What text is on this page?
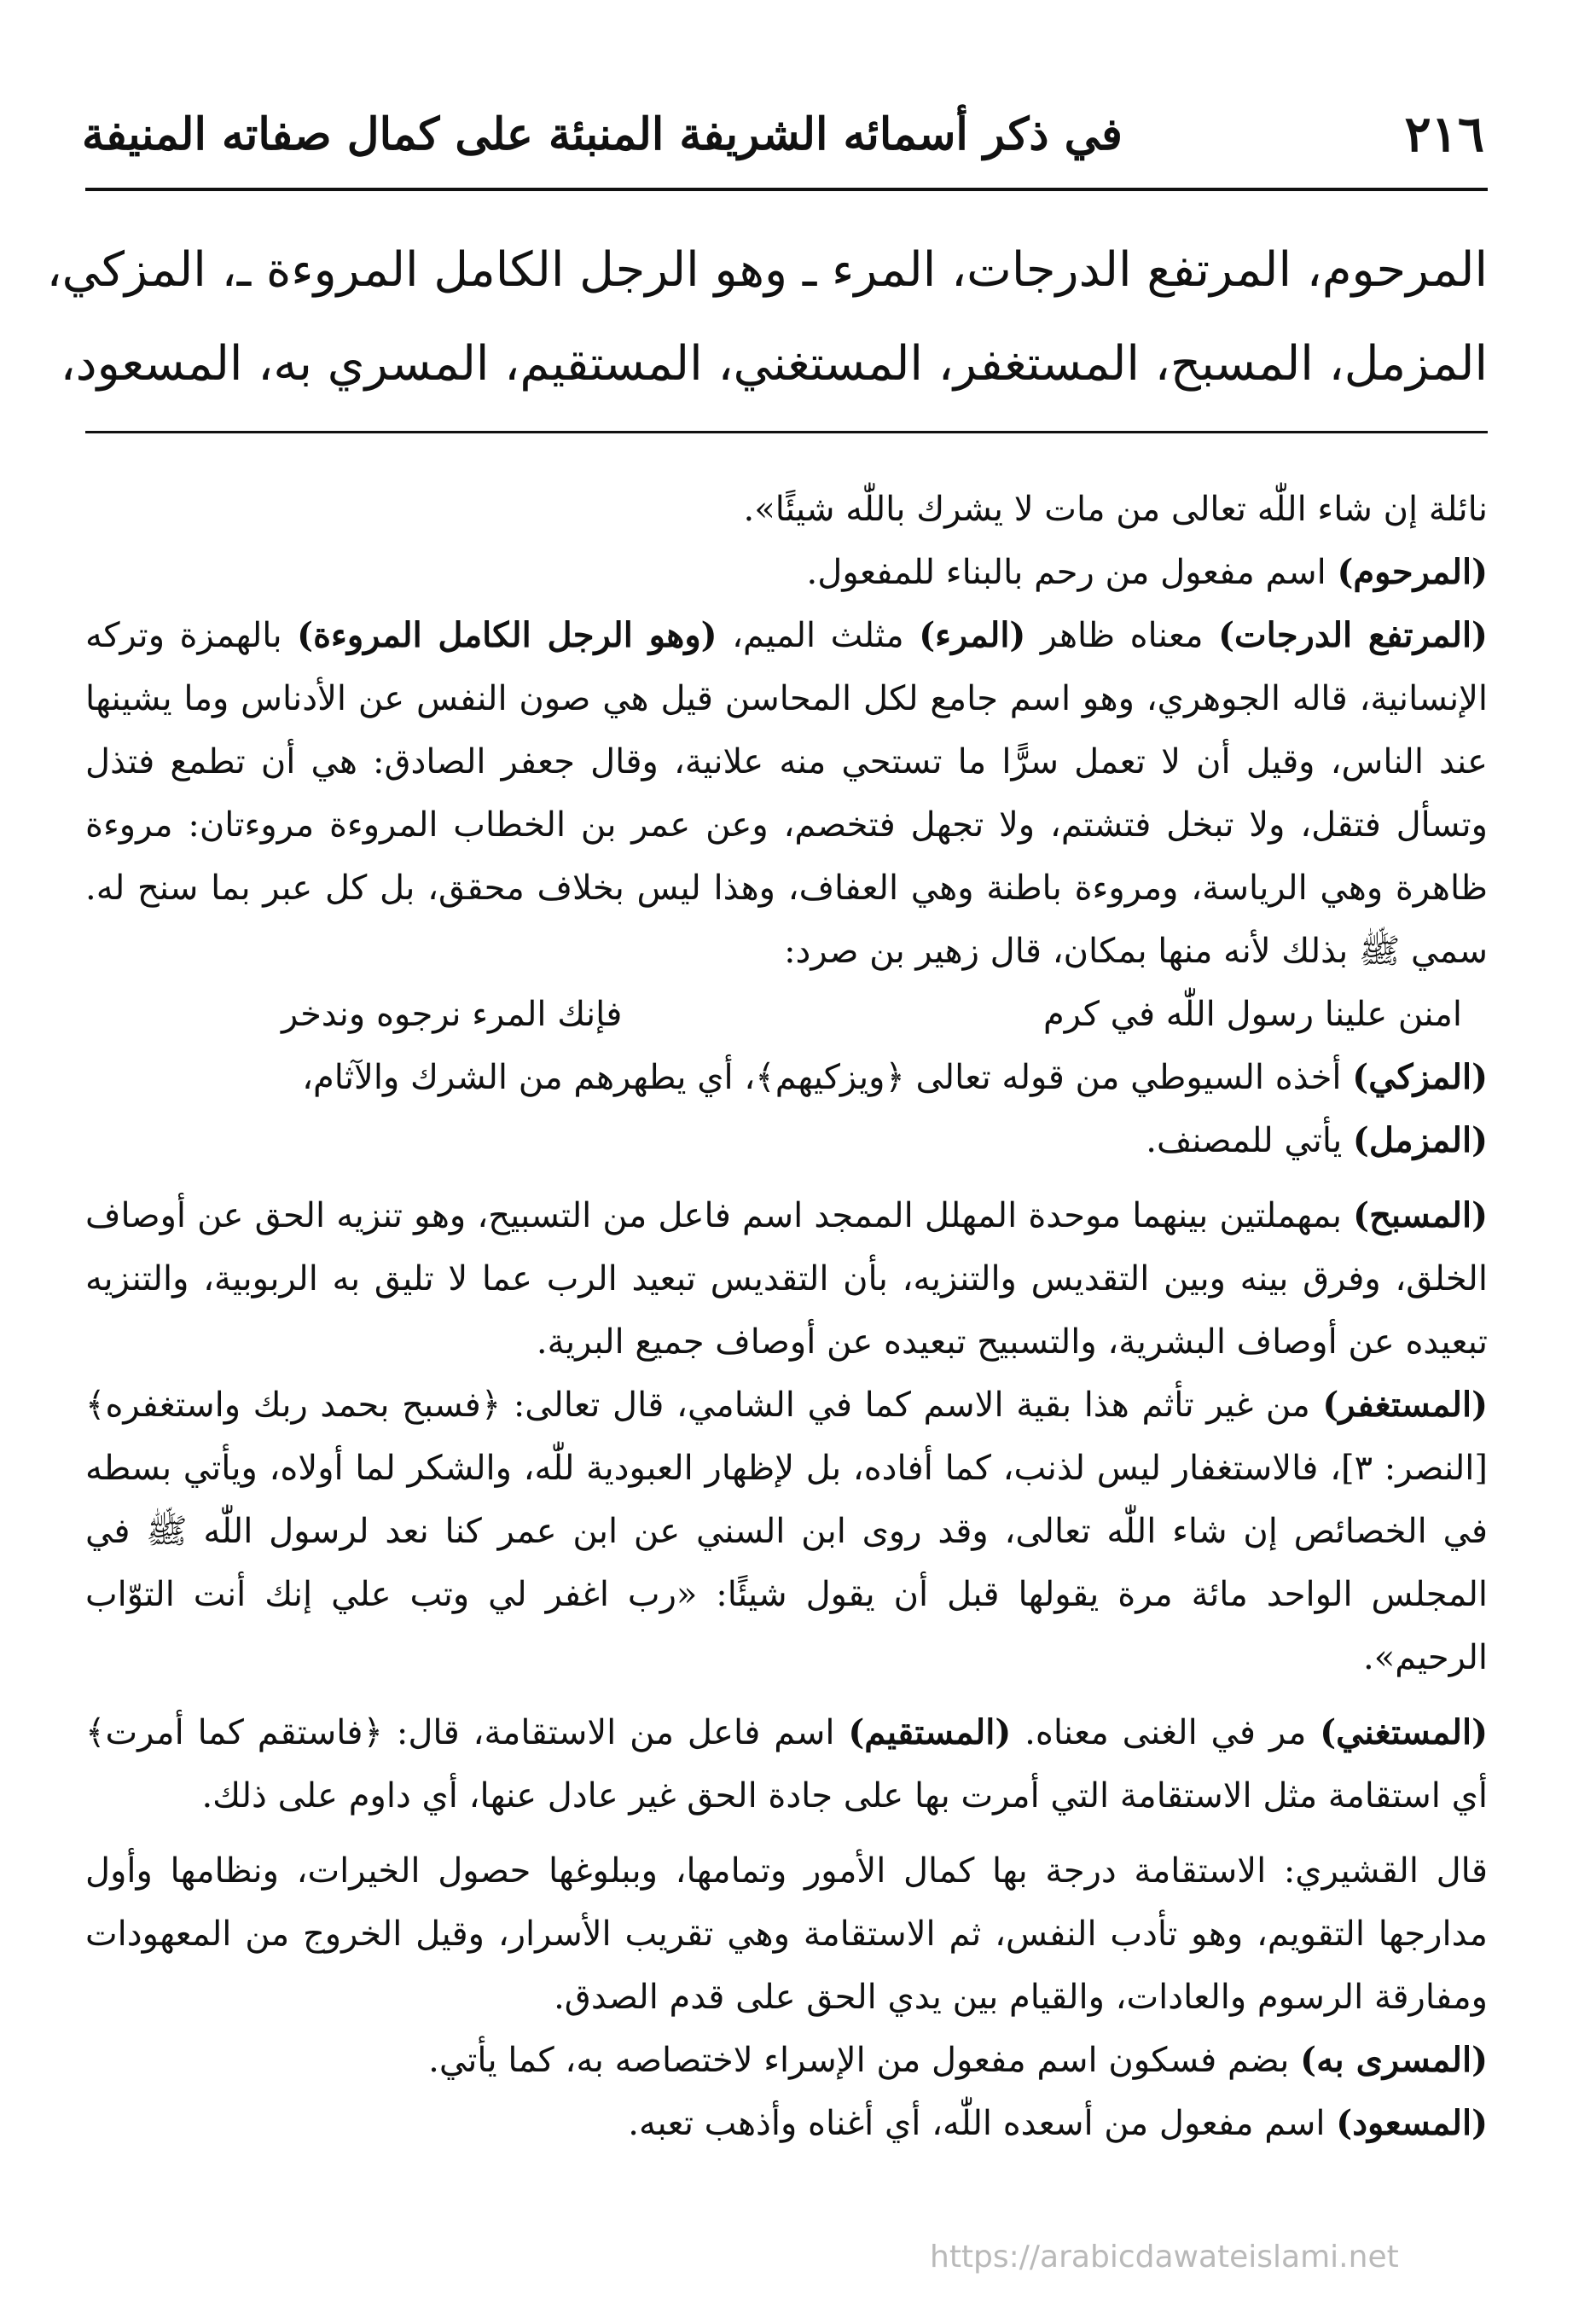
٢١٦
في ذكر أسمائه الشريفة المنبئة على كمال صفاته المنيفة
المرحوم، المرتفع الدرجات، المرء ـ وهو الرجل الكامل المروءة ـ، المزكي،
المزمل، المسبح، المستغفر، المستغني، المستقيم، المسري به، المسعود،

نائلة إن شاء اللّٰه تعالى من مات لا يشرك باللّٰه شيئًا».

(المرحوم) اسم مفعول من رحم بالبناء للمفعول.

(المرتفع الدرجات) معناه ظاهر (المرء) مثلث الميم، (وهو الرجل الكامل المروءة) بالهمزة وتركه الإنسانية، قاله الجوهري، وهو اسم جامع لكل المحاسن قيل هي صون النفس عن الأدناس وما يشينها عند الناس، وقيل أن لا تعمل سرًّا ما تستحي منه علانية، وقال جعفر الصادق: هي أن تطمع فتذل وتسأل فتقل، ولا تبخل فتشتم، ولا تجهل فتخصم، وعن عمر بن الخطاب المروءة مروءتان: مروءة ظاهرة وهي الرياسة، ومروءة باطنة وهي العفاف، وهذا ليس بخلاف محقق، بل كل عبر بما سنح له. سمي ﷺ بذلك لأنه منها بمكان، قال زهير بن صرد:

امنن علينا رسول اللّٰه في كرم
فإنك المرء نرجوه وندخر

(المزكي) أخذه السيوطي من قوله تعالى ﴿ويزكيهم﴾، أي يطهرهم من الشرك والآثام،

(المزمل) يأتي للمصنف.

(المسبح) بمهملتين بينهما موحدة المهلل الممجد اسم فاعل من التسبيح، وهو تنزيه الحق عن أوصاف الخلق، وفرق بينه وبين التقديس والتنزيه، بأن التقديس تبعيد الرب عما لا تليق به الربوبية، والتنزيه تبعيده عن أوصاف البشرية، والتسبيح تبعيده عن أوصاف جميع البرية.

(المستغفر) من غير تأثم هذا بقية الاسم كما في الشامي، قال تعالى: ﴿فسبح بحمد ربك واستغفره﴾ [النصر: ٣]، فالاستغفار ليس لذنب، كما أفاده، بل لإظهار العبودية للّٰه، والشكر لما أولاه، ويأتي بسطه في الخصائص إن شاء اللّٰه تعالى، وقد روى ابن السني عن ابن عمر كنا نعد لرسول اللّٰه ﷺ في المجلس الواحد مائة مرة يقولها قبل أن يقول شيئًا: «رب اغفر لي وتب علي إنك أنت التوّاب الرحيم».

(المستغني) مر في الغنى معناه. (المستقيم) اسم فاعل من الاستقامة، قال: ﴿فاستقم كما أمرت﴾ أي استقامة مثل الاستقامة التي أمرت بها على جادة الحق غير عادل عنها، أي داوم على ذلك.

قال القشيري: الاستقامة درجة بها كمال الأمور وتمامها، وببلوغها حصول الخيرات، ونظامها وأول مدارجها التقويم، وهو تأدب النفس، ثم الاستقامة وهي تقريب الأسرار، وقيل الخروج من المعهودات ومفارقة الرسوم والعادات، والقيام بين يدي الحق على قدم الصدق.

(المسرى به) بضم فسكون اسم مفعول من الإسراء لاختصاصه به، كما يأتي.

(المسعود) اسم مفعول من أسعده اللّٰه، أي أغناه وأذهب تعبه.

https://arabicdawateislami.net
